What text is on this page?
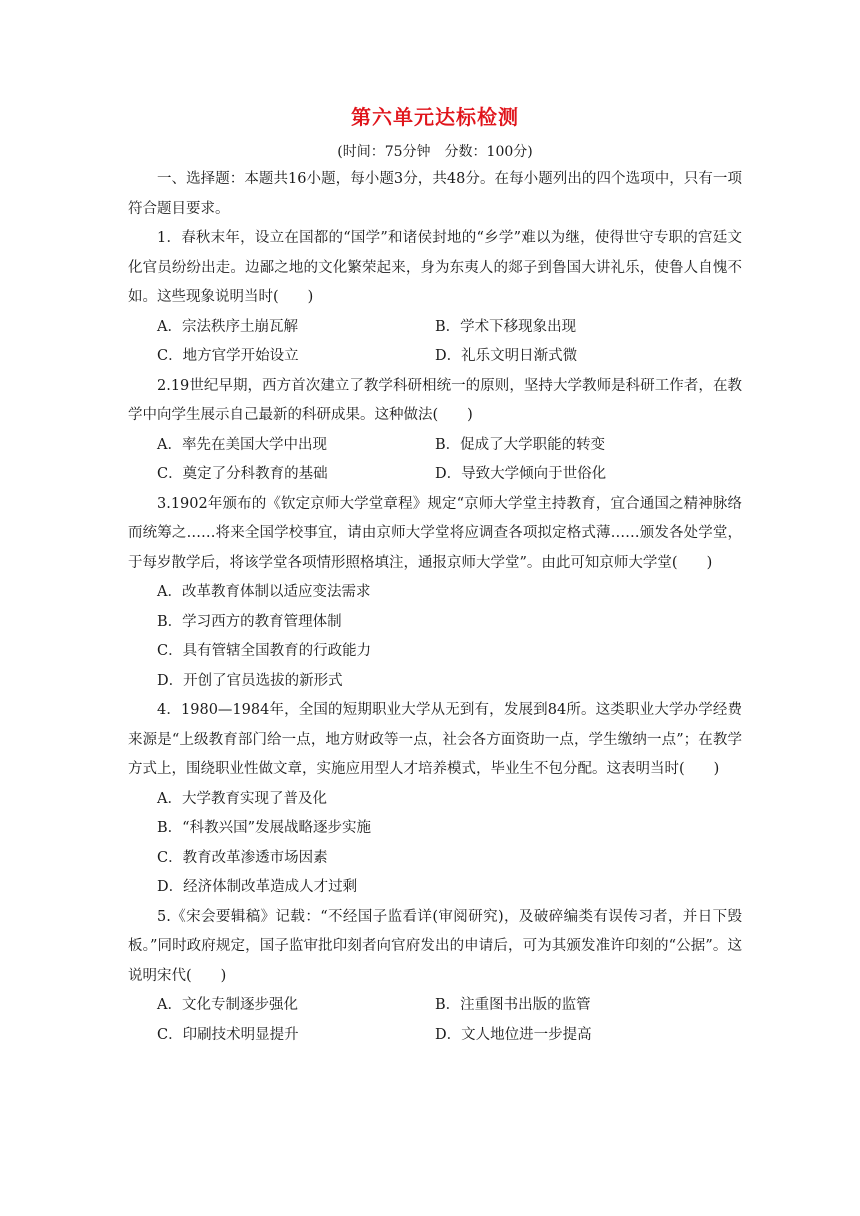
第六单元达标检测
(时间：75分钟　分数：100分)

一、选择题：本题共16小题，每小题3分，共48分。在每小题列出的四个选项中，只有一项符合题目要求。

1．春秋末年，设立在国都的“国学”和诸侯封地的“乡学”难以为继，使得世守专职的宫廷文化官员纷纷出走。边鄙之地的文化繁荣起来，身为东夷人的郯子到鲁国大讲礼乐，使鲁人自愧不如。这些现象说明当时(　　)

A．宗法秩序土崩瓦解	B．学术下移现象出现
C．地方官学开始设立	D．礼乐文明日渐式微

2.19世纪早期，西方首次建立了教学科研相统一的原则，坚持大学教师是科研工作者，在教学中向学生展示自己最新的科研成果。这种做法(　　)

A．率先在美国大学中出现	B．促成了大学职能的转变
C．奠定了分科教育的基础	D．导致大学倾向于世俗化

3.1902年颁布的《钦定京师大学堂章程》规定“京师大学堂主持教育，宜合通国之精神脉络而统筹之……将来全国学校事宜，请由京师大学堂将应调查各项拟定格式薄……颁发各处学堂，于每岁散学后，将该学堂各项情形照格填注，通报京师大学堂”。由此可知京师大学堂(　　)

A．改革教育体制以适应变法需求
B．学习西方的教育管理体制
C．具有管辖全国教育的行政能力
D．开创了官员选拔的新形式

4．1980—1984年，全国的短期职业大学从无到有，发展到84所。这类职业大学办学经费来源是“上级教育部门给一点，地方财政等一点，社会各方面资助一点，学生缴纳一点”；在教学方式上，围绕职业性做文章，实施应用型人才培养模式，毕业生不包分配。这表明当时(　　)

A．大学教育实现了普及化
B．“科教兴国”发展战略逐步实施
C．教育改革渗透市场因素
D．经济体制改革造成人才过剩

5.《宋会要辑稿》记载：“不经国子监看详(审阅研究)，及破碎编类有误传习者，并日下毁板。”同时政府规定，国子监审批印刻者向官府发出的申请后，可为其颁发准许印刻的“公据”。这说明宋代(　　)

A．文化专制逐步强化	B．注重图书出版的监管
C．印刷技术明显提升	D．文人地位进一步提高
